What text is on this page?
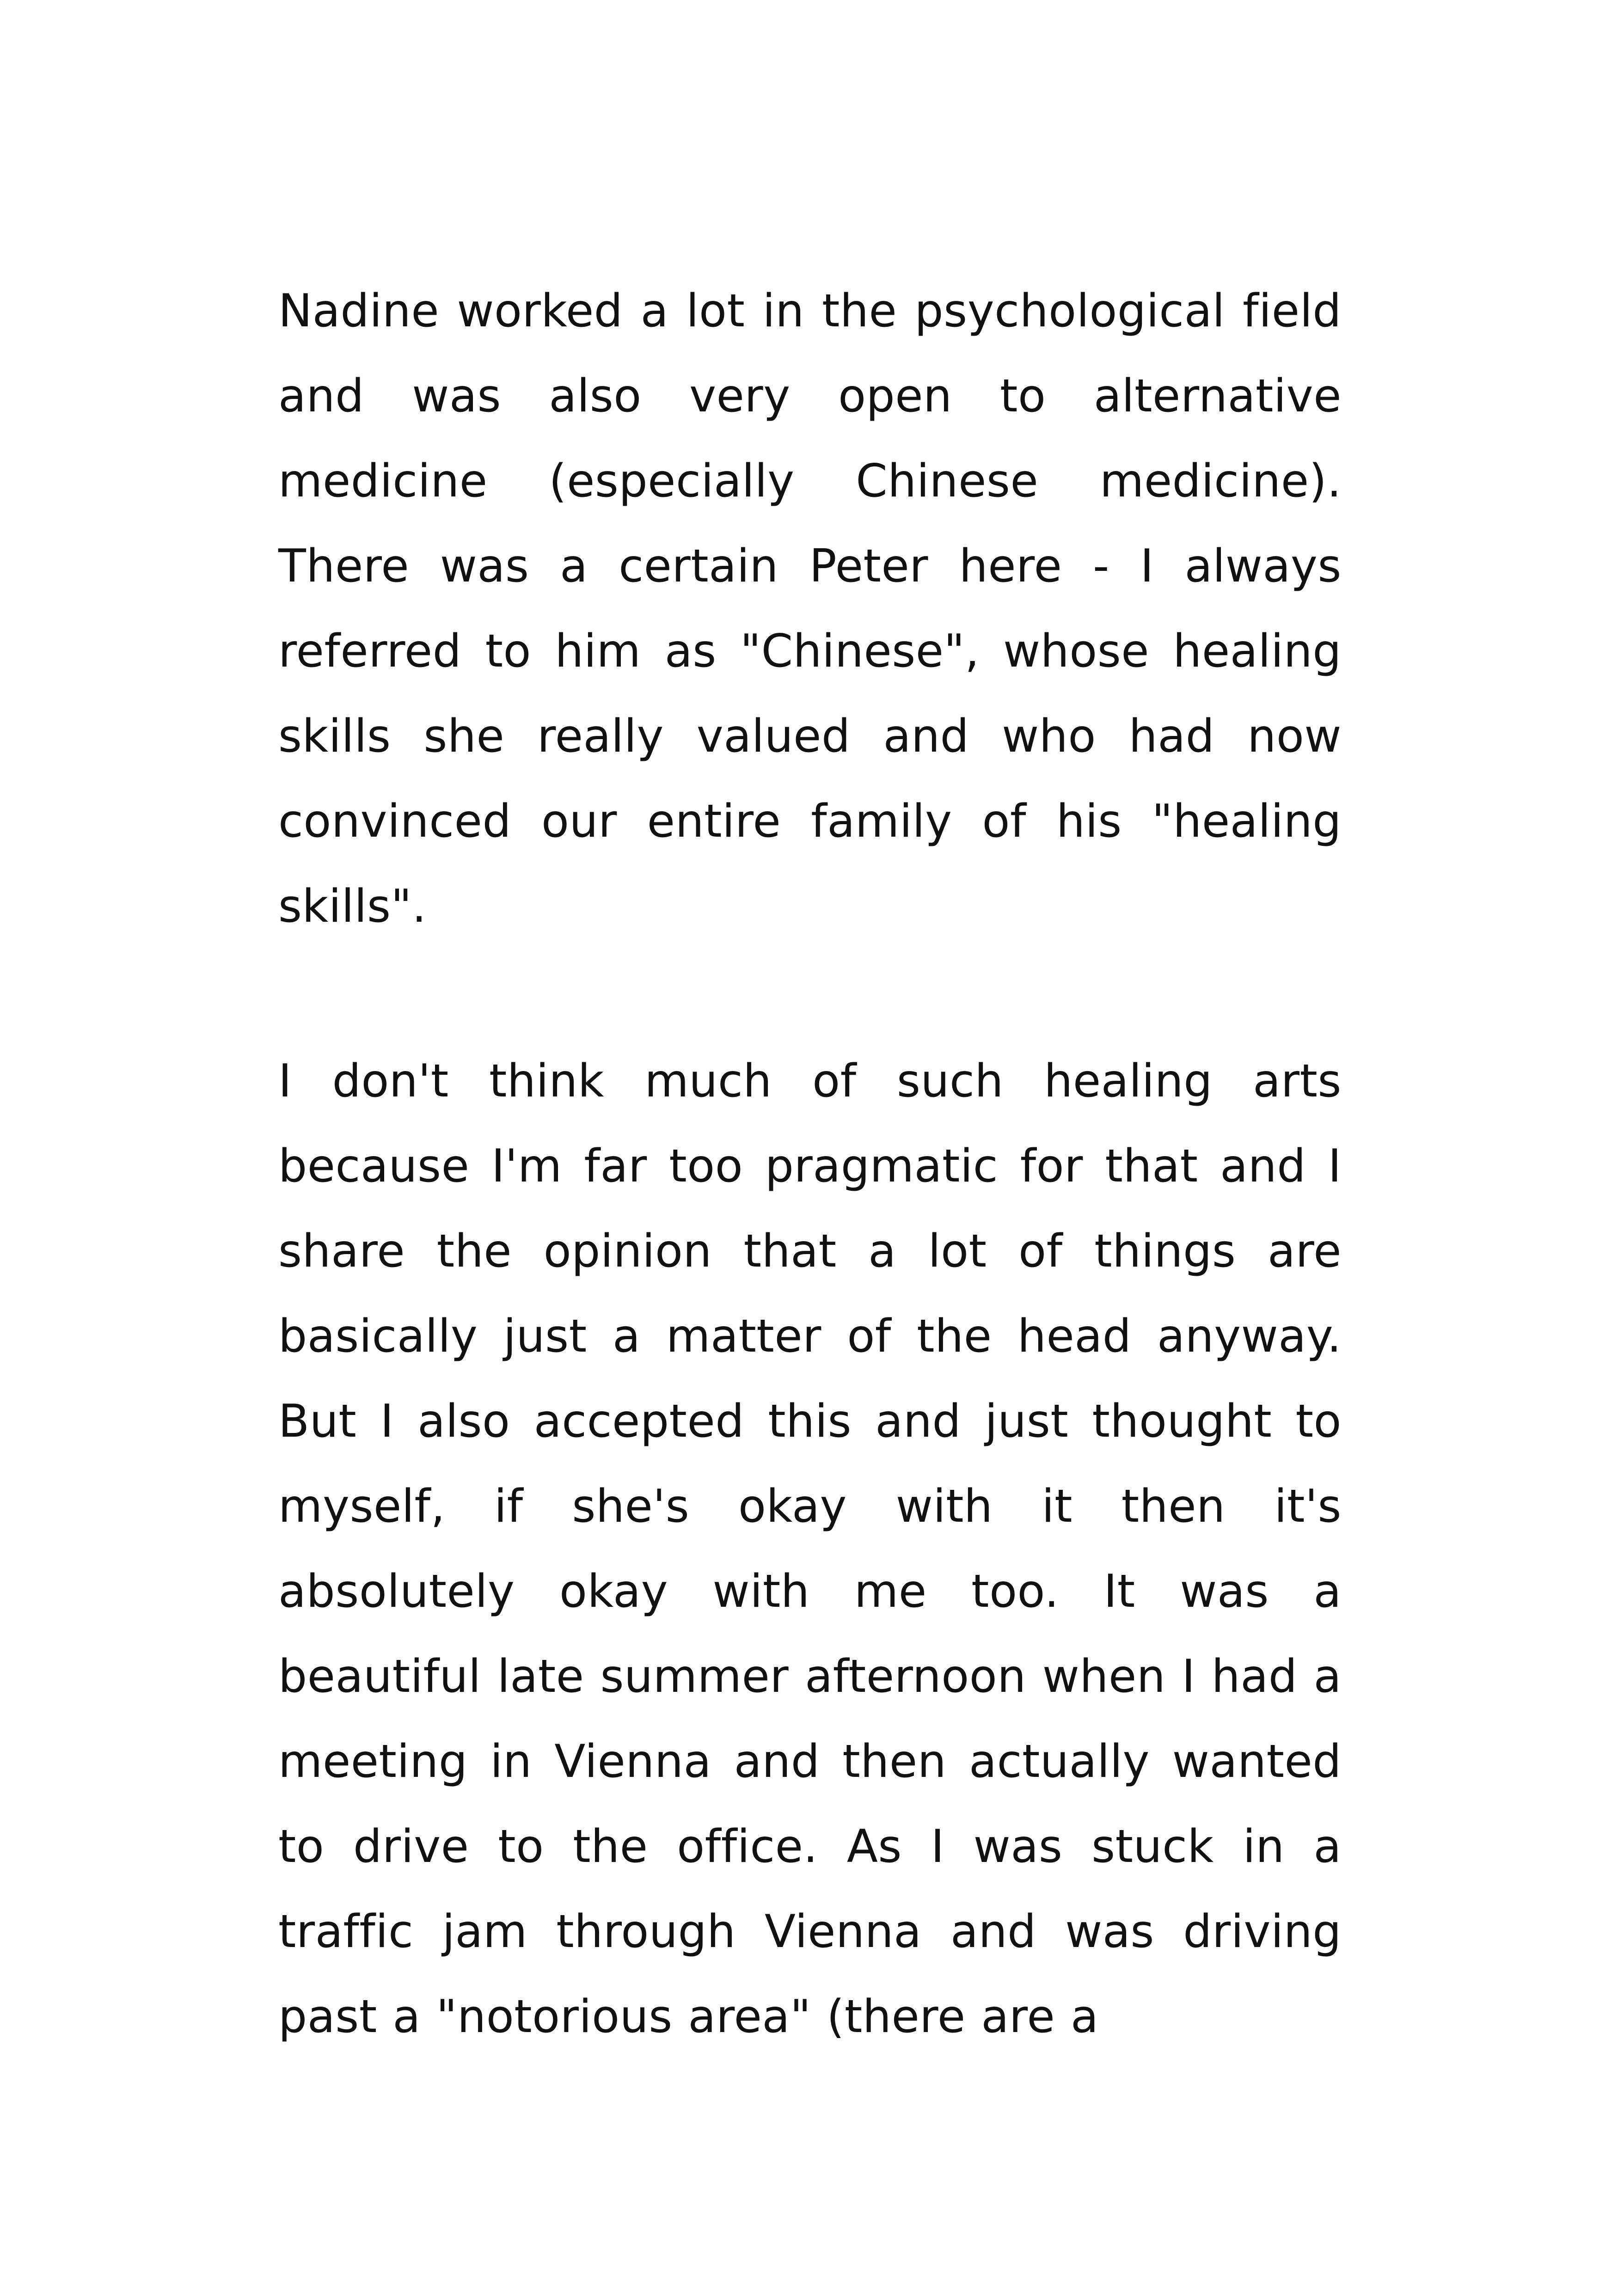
Nadine worked a lot in the psychological field and was also very open to alternative medicine (especially Chinese medicine). There was a certain Peter here - I always referred to him as "Chinese", whose healing skills she really valued and who had now convinced our entire family of his "healing skills".

I don't think much of such healing arts because I'm far too pragmatic for that and I share the opinion that a lot of things are basically just a matter of the head anyway. But I also accepted this and just thought to myself, if she's okay with it then it's absolutely okay with me too. It was a beautiful late summer afternoon when I had a meeting in Vienna and then actually wanted to drive to the office. As I was stuck in a traffic jam through Vienna and was driving past a "notorious area" (there are a
